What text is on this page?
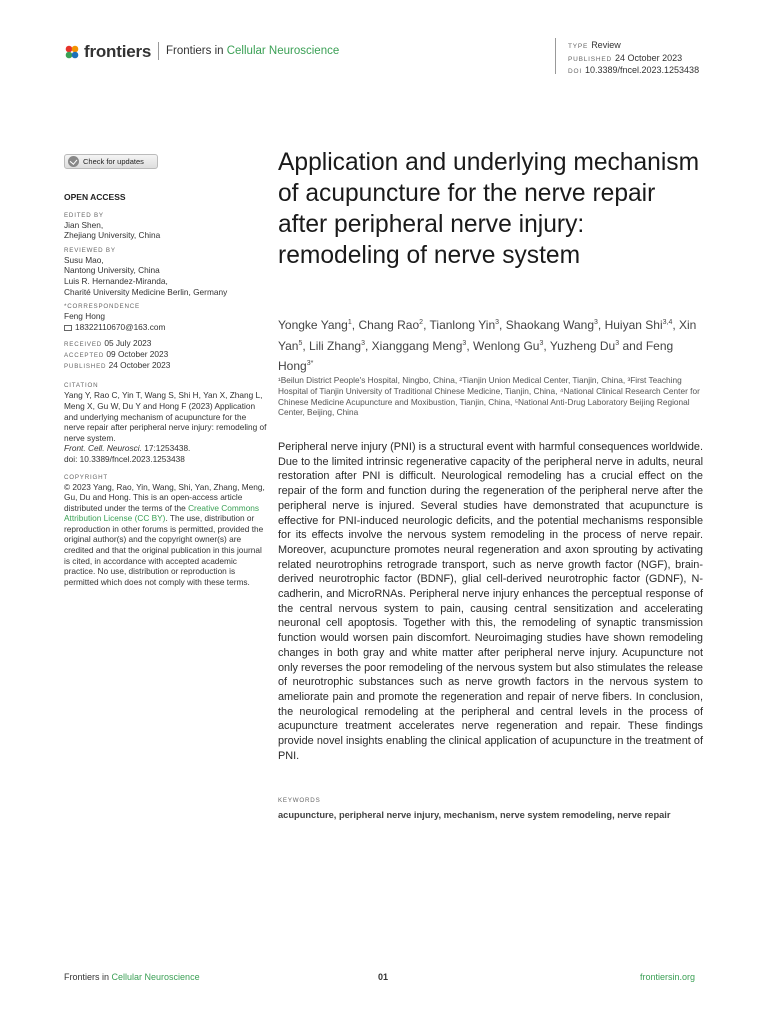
frontiers Frontiers in Cellular Neuroscience	TYPE Review
PUBLISHED 24 October 2023
DOI 10.3389/fncel.2023.1253438
Check for updates
OPEN ACCESS
EDITED BY
Jian Shen,
Zhejiang University, China
REVIEWED BY
Susu Mao,
Nantong University, China
Luis R. Hernandez-Miranda,
Charité University Medicine Berlin, Germany
*CORRESPONDENCE
Feng Hong
18322110670@163.com
RECEIVED 05 July 2023
ACCEPTED 09 October 2023
PUBLISHED 24 October 2023
CITATION
Yang Y, Rao C, Yin T, Wang S, Shi H, Yan X, Zhang L, Meng X, Gu W, Du Y and Hong F (2023) Application and underlying mechanism of acupuncture for the nerve repair after peripheral nerve injury: remodeling of nerve system.
Front. Cell. Neurosci. 17:1253438.
doi: 10.3389/fncel.2023.1253438
COPYRIGHT
© 2023 Yang, Rao, Yin, Wang, Shi, Yan, Zhang, Meng, Gu, Du and Hong. This is an open-access article distributed under the terms of the Creative Commons Attribution License (CC BY). The use, distribution or reproduction in other forums is permitted, provided the original author(s) and the copyright owner(s) are credited and that the original publication in this journal is cited, in accordance with accepted academic practice. No use, distribution or reproduction is permitted which does not comply with these terms.
Application and underlying mechanism of acupuncture for the nerve repair after peripheral nerve injury: remodeling of nerve system
Yongke Yang$^1$, Chang Rao$^2$, Tianlong Yin$^3$, Shaokang Wang$^3$, Huiyan Shi$^{3,4}$, Xin Yan$^5$, Lili Zhang$^3$, Xianggang Meng$^3$, Wenlong Gu$^3$, Yuzheng Du$^3$ and Feng Hong$^{3*}$
¹Beilun District People's Hospital, Ningbo, China, ²Tianjin Union Medical Center, Tianjin, China, ³First Teaching Hospital of Tianjin University of Traditional Chinese Medicine, Tianjin, China, ⁴National Clinical Research Center for Chinese Medicine Acupuncture and Moxibustion, Tianjin, China, ⁵National Anti-Drug Laboratory Beijing Regional Center, Beijing, China
Peripheral nerve injury (PNI) is a structural event with harmful consequences worldwide. Due to the limited intrinsic regenerative capacity of the peripheral nerve in adults, neural restoration after PNI is difficult. Neurological remodeling has a crucial effect on the repair of the form and function during the regeneration of the peripheral nerve after the peripheral nerve is injured. Several studies have demonstrated that acupuncture is effective for PNI-induced neurologic deficits, and the potential mechanisms responsible for its effects involve the nervous system remodeling in the process of nerve repair. Moreover, acupuncture promotes neural regeneration and axon sprouting by activating related neurotrophins retrograde transport, such as nerve growth factor (NGF), brain-derived neurotrophic factor (BDNF), glial cell-derived neurotrophic factor (GDNF), N-cadherin, and MicroRNAs. Peripheral nerve injury enhances the perceptual response of the central nervous system to pain, causing central sensitization and accelerating neuronal cell apoptosis. Together with this, the remodeling of synaptic transmission function would worsen pain discomfort. Neuroimaging studies have shown remodeling changes in both gray and white matter after peripheral nerve injury. Acupuncture not only reverses the poor remodeling of the nervous system but also stimulates the release of neurotrophic substances such as nerve growth factors in the nervous system to ameliorate pain and promote the regeneration and repair of nerve fibers. In conclusion, the neurological remodeling at the peripheral and central levels in the process of acupuncture treatment accelerates nerve regeneration and repair. These findings provide novel insights enabling the clinical application of acupuncture in the treatment of PNI.
KEYWORDS
acupuncture, peripheral nerve injury, mechanism, nerve system remodeling, nerve repair
Frontiers in Cellular Neuroscience	01	frontiersin.org
